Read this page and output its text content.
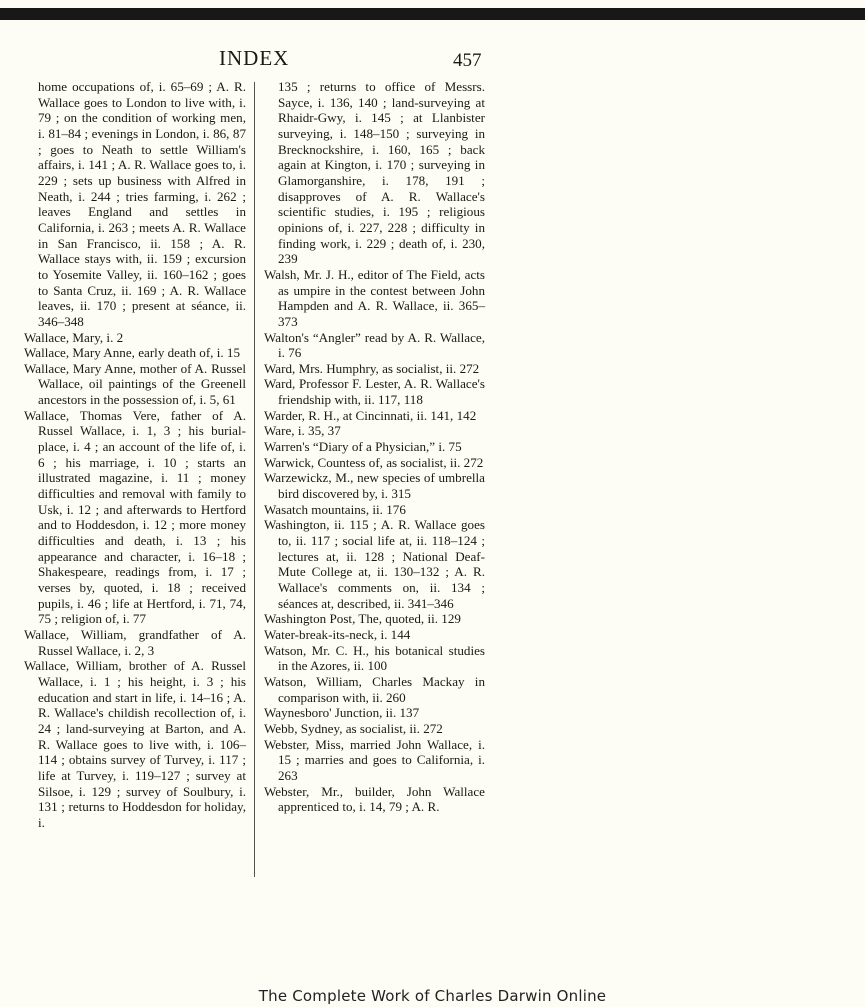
INDEX	457

home occupations of, i. 65–69 ; A. R. Wallace goes to London to live with, i. 79 ; on the condition of working men, i. 81–84 ; evenings in London, i. 86, 87 ; goes to Neath to settle William's affairs, i. 141 ; A. R. Wallace goes to, i. 229 ; sets up business with Alfred in Neath, i. 244 ; tries farming, i. 262 ; leaves England and settles in California, i. 263 ; meets A. R. Wallace in San Francisco, ii. 158 ; A. R. Wallace stays with, ii. 159 ; excursion to Yosemite Valley, ii. 160–162 ; goes to Santa Cruz, ii. 169 ; A. R. Wallace leaves, ii. 170 ; present at séance, ii. 346–348

Wallace, Mary, i. 2

Wallace, Mary Anne, early death of, i. 15

Wallace, Mary Anne, mother of A. Russel Wallace, oil paintings of the Greenell ancestors in the possession of, i. 5, 61

Wallace, Thomas Vere, father of A. Russel Wallace, i. 1, 3 ; his burial-place, i. 4 ; an account of the life of, i. 6 ; his marriage, i. 10 ; starts an illustrated magazine, i. 11 ; money difficulties and removal with family to Usk, i. 12 ; and afterwards to Hertford and to Hoddesdon, i. 12 ; more money difficulties and death, i. 13 ; his appearance and character, i. 16–18 ; Shakespeare, readings from, i. 17 ; verses by, quoted, i. 18 ; received pupils, i. 46 ; life at Hertford, i. 71, 74, 75 ; religion of, i. 77

Wallace, William, grandfather of A. Russel Wallace, i. 2, 3

Wallace, William, brother of A. Russel Wallace, i. 1 ; his height, i. 3 ; his education and start in life, i. 14–16 ; A. R. Wallace's childish recollection of, i. 24 ; land-surveying at Barton, and A. R. Wallace goes to live with, i. 106–114 ; obtains survey of Turvey, i. 117 ; life at Turvey, i. 119–127 ; survey at Silsoe, i. 129 ; survey of Soulbury, i. 131 ; returns to Hoddesdon for holiday, i.

135 ; returns to office of Messrs. Sayce, i. 136, 140 ; land-surveying at Rhaidr-Gwy, i. 145 ; at Llanbister surveying, i. 148–150 ; surveying in Brecknockshire, i. 160, 165 ; back again at Kington, i. 170 ; surveying in Glamorganshire, i. 178, 191 ; disapproves of A. R. Wallace's scientific studies, i. 195 ; religious opinions of, i. 227, 228 ; difficulty in finding work, i. 229 ; death of, i. 230, 239

Walsh, Mr. J. H., editor of The Field, acts as umpire in the contest between John Hampden and A. R. Wallace, ii. 365–373

Walton's “Angler” read by A. R. Wallace, i. 76

Ward, Mrs. Humphry, as socialist, ii. 272

Ward, Professor F. Lester, A. R. Wallace's friendship with, ii. 117, 118

Warder, R. H., at Cincinnati, ii. 141, 142

Ware, i. 35, 37

Warren's “Diary of a Physician,” i. 75

Warwick, Countess of, as socialist, ii. 272

Warzewickz, M., new species of umbrella bird discovered by, i. 315

Wasatch mountains, ii. 176

Washington, ii. 115 ; A. R. Wallace goes to, ii. 117 ; social life at, ii. 118–124 ; lectures at, ii. 128 ; National Deaf-Mute College at, ii. 130–132 ; A. R. Wallace's comments on, ii. 134 ; séances at, described, ii. 341–346

Washington Post, The, quoted, ii. 129

Water-break-its-neck, i. 144

Watson, Mr. C. H., his botanical studies in the Azores, ii. 100

Watson, William, Charles Mackay in comparison with, ii. 260

Waynesboro' Junction, ii. 137

Webb, Sydney, as socialist, ii. 272

Webster, Miss, married John Wallace, i. 15 ; marries and goes to California, i. 263

Webster, Mr., builder, John Wallace apprenticed to, i. 14, 79 ; A. R.

The Complete Work of Charles Darwin Online
